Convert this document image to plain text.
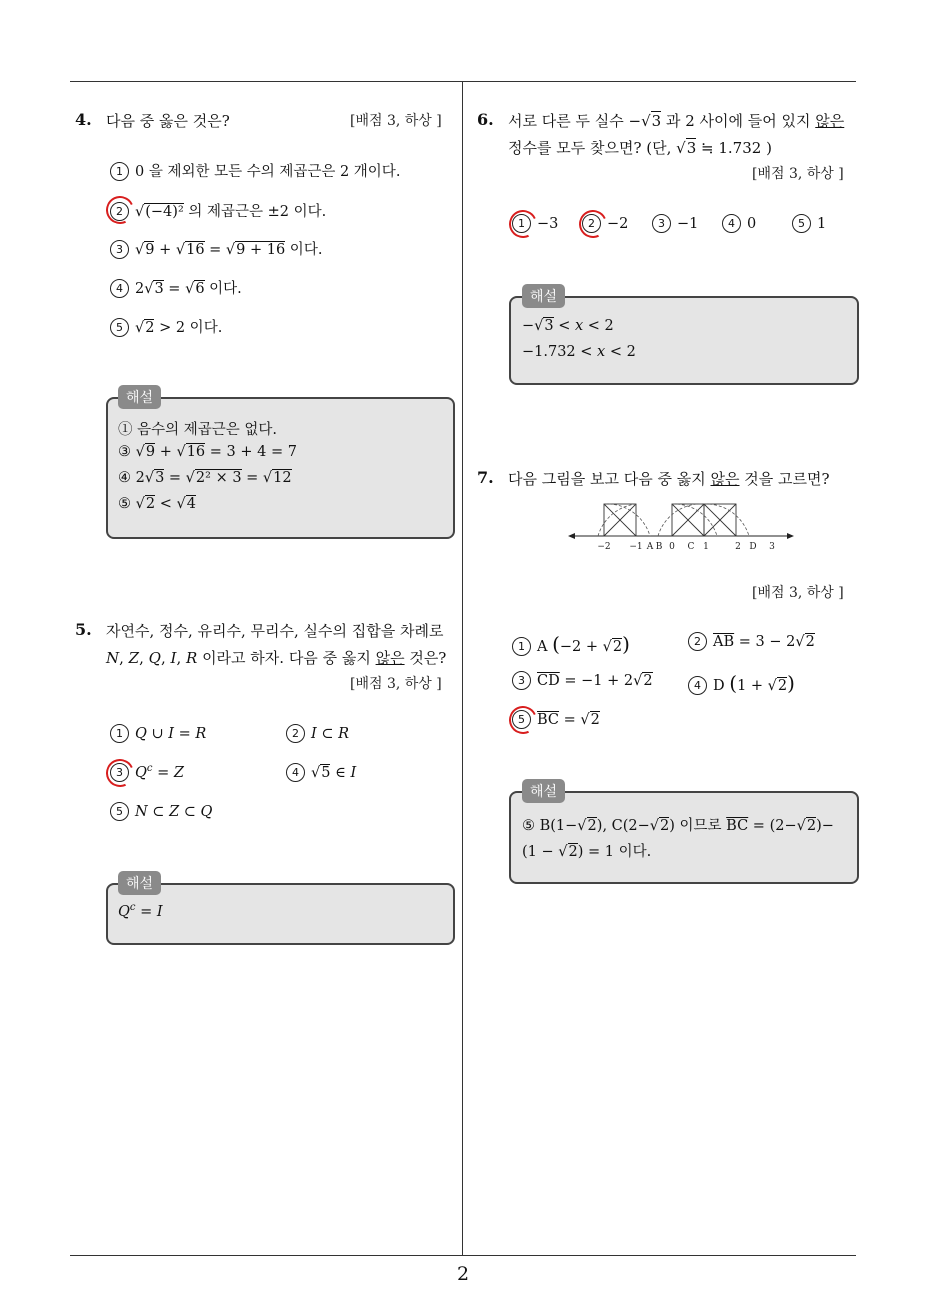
4. 다음 중 옳은 것은?	[배점 3, 하상 ]
1 0 을 제외한 모든 수의 제곱근은 2 개이다.
2 √(−4)² 의 제곱근은 ±2 이다.
3 √9 + √16 = √9 + 16 이다.
4 2√3 = √6 이다.
5 √2 > 2 이다.
해설
① 음수의 제곱근은 없다.
③ √9 + √16 = 3 + 4 = 7
④ 2√3 = √2² × 3 = √12
⑤ √2 < √4
5. 자연수, 정수, 유리수, 무리수, 실수의 집합을 차례로
N, Z, Q, I, R 이라고 하자. 다음 중 옳지 않은 것은?
[배점 3, 하상 ]
1 Q ∪ I = R	2 I ⊂ R
3 $Q^c = Z$	4 √5 ∈ I
5 N ⊂ Z ⊂ Q
해설
$Q^c = I$
6. 서로 다른 두 실수 −√3 과 2 사이에 들어 있지 않은
정수를 모두 찾으면? (단, √3 ≒ 1.732 )
[배점 3, 하상 ]
1 −3	2 −2	3 −1	4 0	5 1
해설
−√3 < x < 2
−1.732 < x < 2
7. 다음 그림을 보고 다음 중 옳지 않은 것을 고르면?
−2 −1 A B 0 C 1	2 D 3
[배점 3, 하상 ]
1 A (−2 + √2)	2 $\overline{AB} = 3 - 2√2$
3 $\overline{CD} = -1 + 2√2$	4 D (1 + √2)
5 $\overline{BC} = √2$
해설
⑤ B(1−√2), C(2−√2) 이므로 $\overline{BC} = (2-√2)-$
(1 − √2) = 1 이다.
2
